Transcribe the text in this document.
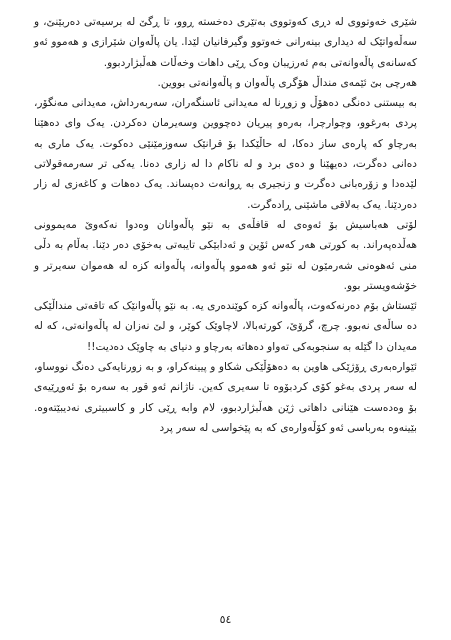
شێری خەوتووی لە دڕی کەوتووی بەتێری دەخستە ڕوو، تا ڕگێ لە برسیەتی دەربێنێ، و سەڵەواتێک لە دیداری بینەرانی خەوتوو وگیرفانیان لێدا. یان پاڵەوان شێرازی و هەموو ئەو کەسانەی پاڵەوانەتی بەم ئەرزیبان وەک ڕێی داهات وخەڵات هەڵبژاردبوو.
هەرچی بێ ئێمەی منداڵ هۆگری پاڵەوان و پاڵەوانەتی بووین.
بە بیستنی دەنگی دەهۆڵ و زوڕنا لە مەیدانی ئاسنگەران، سەربەرداش، مەیدانی مەنگۆر، پردی بەرغوو، وچوارچرا، بەرەو پیریان دەچووین وسەیرمان دەکردن. یەک وای دەهێنا بەرچاو کە پارەی ساز دەکا، لە حاڵێکدا بۆ قرانێک سەوزمێنێی دەکوت. یەک ماری بە دەانی دەگرت، دەیهێنا و دەی برد و لە ناکام دا لە زاری دەنا. یەکی تر سەرمەقولاتی لێدەدا و زۆرەبانی دەگرت و زنجیری بە ڕوانەت دەپساند. یەک دەهات و کاغەزی لە زار دەردێنا. یەک بەلاقی ماشێنی ڕادەگرت.
لۆتی هەباسیش بۆ ئەوەی لە قافڵەی بە نێو پاڵەوانان وەدوا نەکەوێ مەیموونی هەڵدەپەراند. بە کورتی هەر کەس ئۆین و ئەدابێکی تایبەتی بەخۆی دەر دێنا. بەڵام بە دڵی منی ئەهوەنی شەرمێون لە نێو ئەو هەموو پاڵەوانە، پاڵەوانە کزە لە هەموان سەیرتر و خۆشەویستر بوو.
ئێستاش بۆم دەرنەکەوت، پاڵەوانە کزە کوێندەری یە. بە نێو پاڵەوانێک کە تاقەتی منداڵێکی دە ساڵەی نەبوو. چرچ، گرۆێ، کورتەبالا، لاچاوێک کوێر، و لێ نەزان لە پاڵەوانەتی، کە لە مەیدان دا گێلە بە سنجوبەکی تەواو دەهاتە بەرچاو و دنیای بە چاوێک دەدیت!!
ئێوارەبەری ڕۆژێکی هاوین بە دەهۆڵێکی شکاو و پیینەکراو، و بە زورنایەکی دەنگ نووساو، لە سەر پردی بەغو کۆی کردبۆوە تا سەیری کەین. ناژانم ئەو قور بە سەرە بۆ ئەوڕێیەی بۆ وەدەست هێنانی داهاتی ژێن هەڵبژاردبوو، لام وابە ڕێی کار و کاسبیتری نەدیبێتەوە. بێینەوە بەرباسی ئەو کۆڵەوارەی کە بە پێخواسی لە سەر پرد
٥٤
